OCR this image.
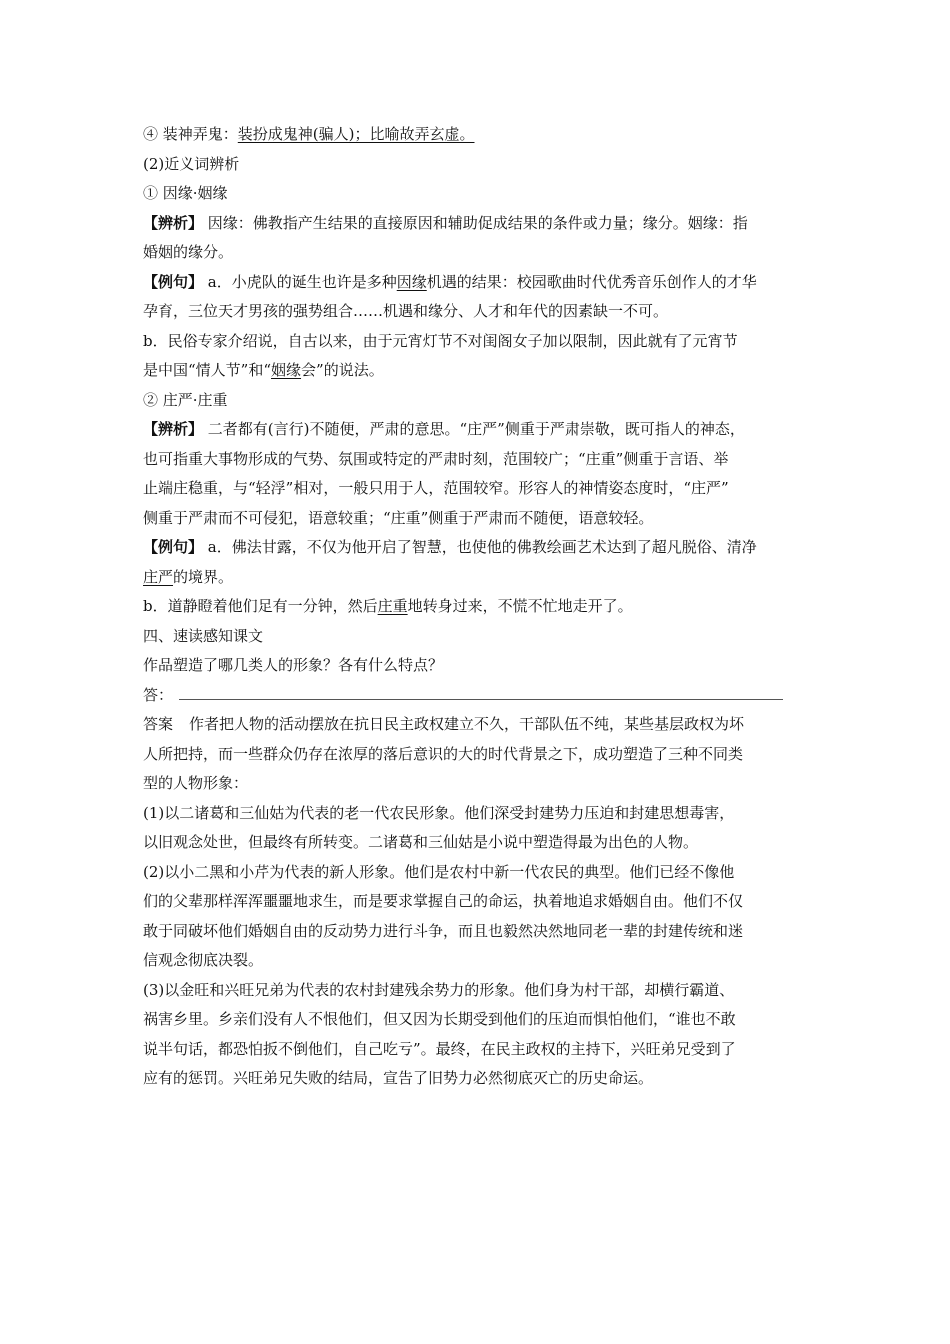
④ 装神弄鬼：装扮成鬼神(骗人)；比喻故弄玄虚。

(2)近义词辨析

① 因缘·姻缘

【辨析】 因缘：佛教指产生结果的直接原因和辅助促成结果的条件或力量；缘分。姻缘：指

婚姻的缘分。

【例句】 a．小虎队的诞生也许是多种因缘机遇的结果：校园歌曲时代优秀音乐创作人的才华

孕育，三位天才男孩的强势组合……机遇和缘分、人才和年代的因素缺一不可。

b．民俗专家介绍说，自古以来，由于元宵灯节不对闺阁女子加以限制，因此就有了元宵节

是中国“情人节”和“姻缘会”的说法。

② 庄严·庄重

【辨析】 二者都有(言行)不随便，严肃的意思。“庄严”侧重于严肃崇敬，既可指人的神态，

也可指重大事物形成的气势、氛围或特定的严肃时刻，范围较广；“庄重”侧重于言语、举

止端庄稳重，与“轻浮”相对，一般只用于人，范围较窄。形容人的神情姿态度时，“庄严”

侧重于严肃而不可侵犯，语意较重；“庄重”侧重于严肃而不随便，语意较轻。

【例句】 a．佛法甘露，不仅为他开启了智慧，也使他的佛教绘画艺术达到了超凡脱俗、清净

庄严的境界。

b．道静瞪着他们足有一分钟，然后庄重地转身过来，不慌不忙地走开了。

四、速读感知课文

作品塑造了哪几类人的形象？各有什么特点？

答：

答案 作者把人物的活动摆放在抗日民主政权建立不久，干部队伍不纯，某些基层政权为坏

人所把持，而一些群众仍存在浓厚的落后意识的大的时代背景之下，成功塑造了三种不同类

型的人物形象：

(1)以二诸葛和三仙姑为代表的老一代农民形象。他们深受封建势力压迫和封建思想毒害，

以旧观念处世，但最终有所转变。二诸葛和三仙姑是小说中塑造得最为出色的人物。

(2)以小二黑和小芹为代表的新人形象。他们是农村中新一代农民的典型。他们已经不像他

们的父辈那样浑浑噩噩地求生，而是要求掌握自己的命运，执着地追求婚姻自由。他们不仅

敢于同破坏他们婚姻自由的反动势力进行斗争，而且也毅然决然地同老一辈的封建传统和迷

信观念彻底决裂。

(3)以金旺和兴旺兄弟为代表的农村封建残余势力的形象。他们身为村干部，却横行霸道、

祸害乡里。乡亲们没有人不恨他们，但又因为长期受到他们的压迫而惧怕他们，“谁也不敢

说半句话，都恐怕扳不倒他们，自己吃亏”。最终，在民主政权的主持下，兴旺弟兄受到了

应有的惩罚。兴旺弟兄失败的结局，宣告了旧势力必然彻底灭亡的历史命运。
